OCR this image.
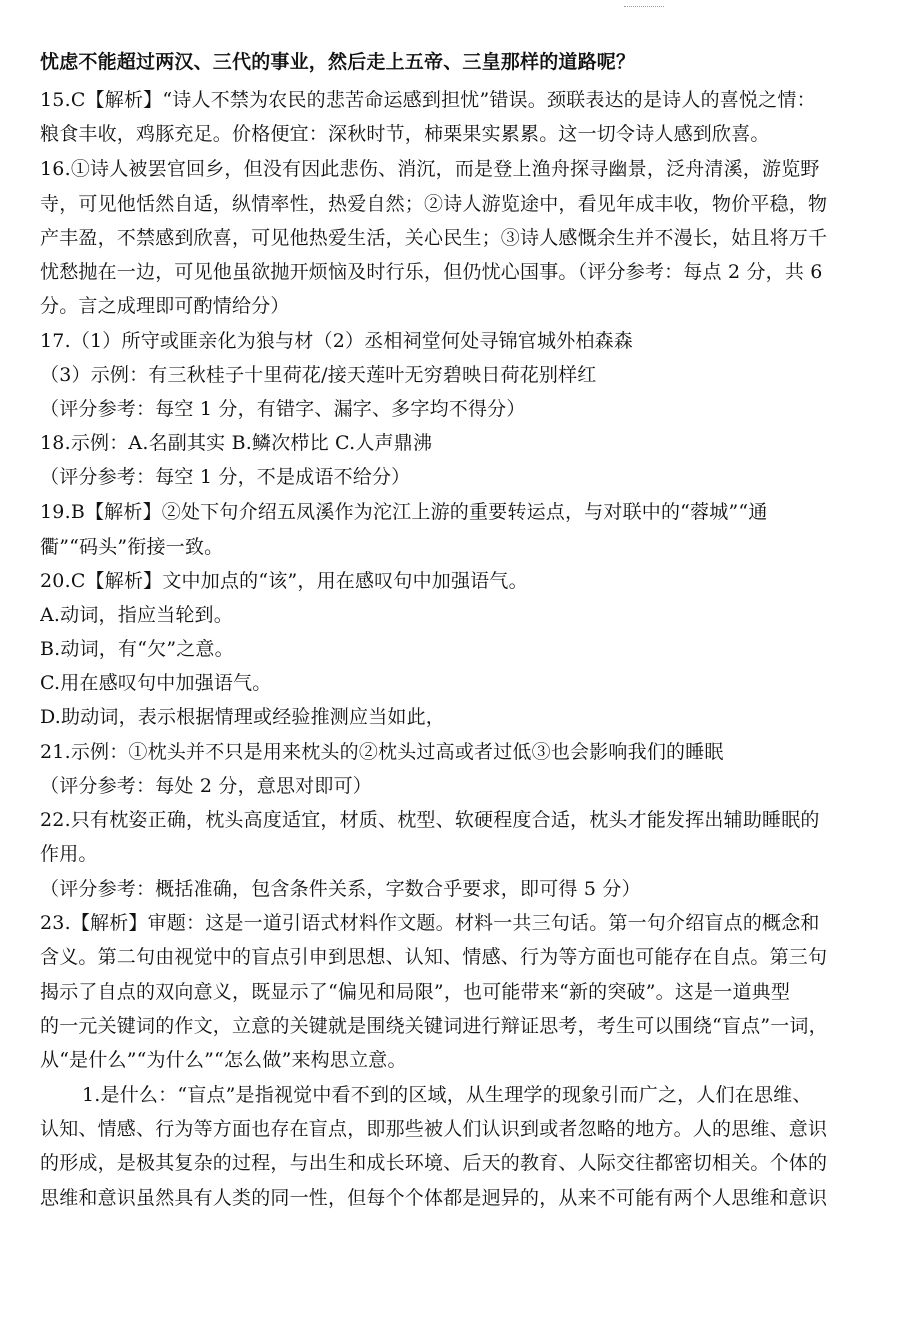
忧虑不能超过两汉、三代的事业，然后走上五帝、三皇那样的道路呢？
15.C【解析】“诗人不禁为农民的悲苦命运感到担忧”错误。颈联表达的是诗人的喜悦之情：
粮食丰收，鸡豚充足。价格便宜：深秋时节，柿栗果实累累。这一切令诗人感到欣喜。
16.①诗人被罢官回乡，但没有因此悲伤、消沉，而是登上渔舟探寻幽景，泛舟清溪，游览野
寺，可见他恬然自适，纵情率性，热爱自然；②诗人游览途中，看见年成丰收，物价平稳，物
产丰盈，不禁感到欣喜，可见他热爱生活，关心民生；③诗人感慨余生并不漫长，姑且将万千
忧愁抛在一边，可见他虽欲抛开烦恼及时行乐，但仍忧心国事。（评分参考：每点 2 分，共 6
分。言之成理即可酌情给分）
17.（1）所守或匪亲化为狼与材（2）丞相祠堂何处寻锦官城外柏森森
（3）示例：有三秋桂子十里荷花/接天莲叶无穷碧映日荷花别样红
（评分参考：每空 1 分，有错字、漏字、多字均不得分）
18.示例：A.名副其实 B.鳞次栉比 C.人声鼎沸
（评分参考：每空 1 分，不是成语不给分）
19.B【解析】②处下句介绍五凤溪作为沱江上游的重要转运点，与对联中的“蓉城”“通
衢”“码头”衔接一致。
20.C【解析】文中加点的“该”，用在感叹句中加强语气。
A.动词，指应当轮到。
B.动词，有“欠”之意。
C.用在感叹句中加强语气。
D.助动词，表示根据情理或经验推测应当如此，
21.示例：①枕头并不只是用来枕头的②枕头过高或者过低③也会影响我们的睡眠
（评分参考：每处 2 分，意思对即可）
22.只有枕姿正确，枕头高度适宜，材质、枕型、软硬程度合适，枕头才能发挥出辅助睡眠的
作用。
（评分参考：概括准确，包含条件关系，字数合乎要求，即可得 5 分）
23.【解析】审题：这是一道引语式材料作文题。材料一共三句话。第一句介绍盲点的概念和
含义。第二句由视觉中的盲点引申到思想、认知、情感、行为等方面也可能存在自点。第三句
揭示了自点的双向意义，既显示了“偏见和局限”，也可能带来“新的突破”。这是一道典型
的一元关键词的作文，立意的关键就是围绕关键词进行辩证思考，考生可以围绕“盲点”一词，
从“是什么”“为什么”“怎么做”来构思立意。
1.是什么：“盲点”是指视觉中看不到的区域，从生理学的现象引而广之，人们在思维、
认知、情感、行为等方面也存在盲点，即那些被人们认识到或者忽略的地方。人的思维、意识
的形成，是极其复杂的过程，与出生和成长环境、后天的教育、人际交往都密切相关。个体的
思维和意识虽然具有人类的同一性，但每个个体都是迥异的，从来不可能有两个人思维和意识
